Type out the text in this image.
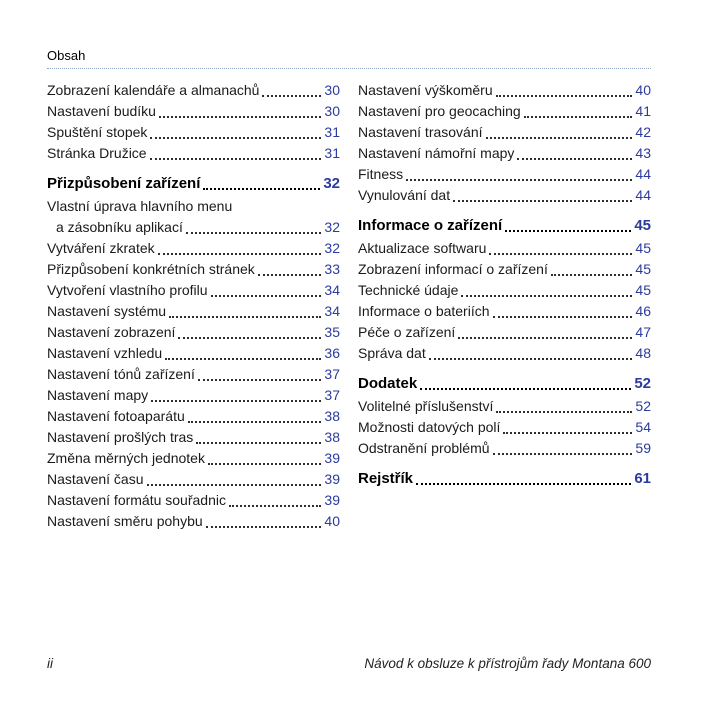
Obsah
Zobrazení kalendáře a almanachů	30
Nastavení budíku	30
Spuštění stopek	31
Stránka Družice	31
Přizpůsobení zařízení	32
Vlastní úprava hlavního menu
a zásobníku aplikací	32
Vytváření zkratek	32
Přizpůsobení konkrétních stránek	33
Vytvoření vlastního profilu	34
Nastavení systému	34
Nastavení zobrazení	35
Nastavení vzhledu	36
Nastavení tónů zařízení	37
Nastavení mapy	37
Nastavení fotoaparátu	38
Nastavení prošlých tras	38
Změna měrných jednotek	39
Nastavení času	39
Nastavení formátu souřadnic	39
Nastavení směru pohybu	40
Nastavení výškoměru	40
Nastavení pro geocaching	41
Nastavení trasování	42
Nastavení námořní mapy	43
Fitness	44
Vynulování dat	44
Informace o zařízení	45
Aktualizace softwaru	45
Zobrazení informací o zařízení	45
Technické údaje	45
Informace o bateriích	46
Péče o zařízení	47
Správa dat	48
Dodatek	52
Volitelné příslušenství	52
Možnosti datových polí	54
Odstranění problémů	59
Rejstřík	61
ii	Návod k obsluze k přístrojům řady Montana 600
